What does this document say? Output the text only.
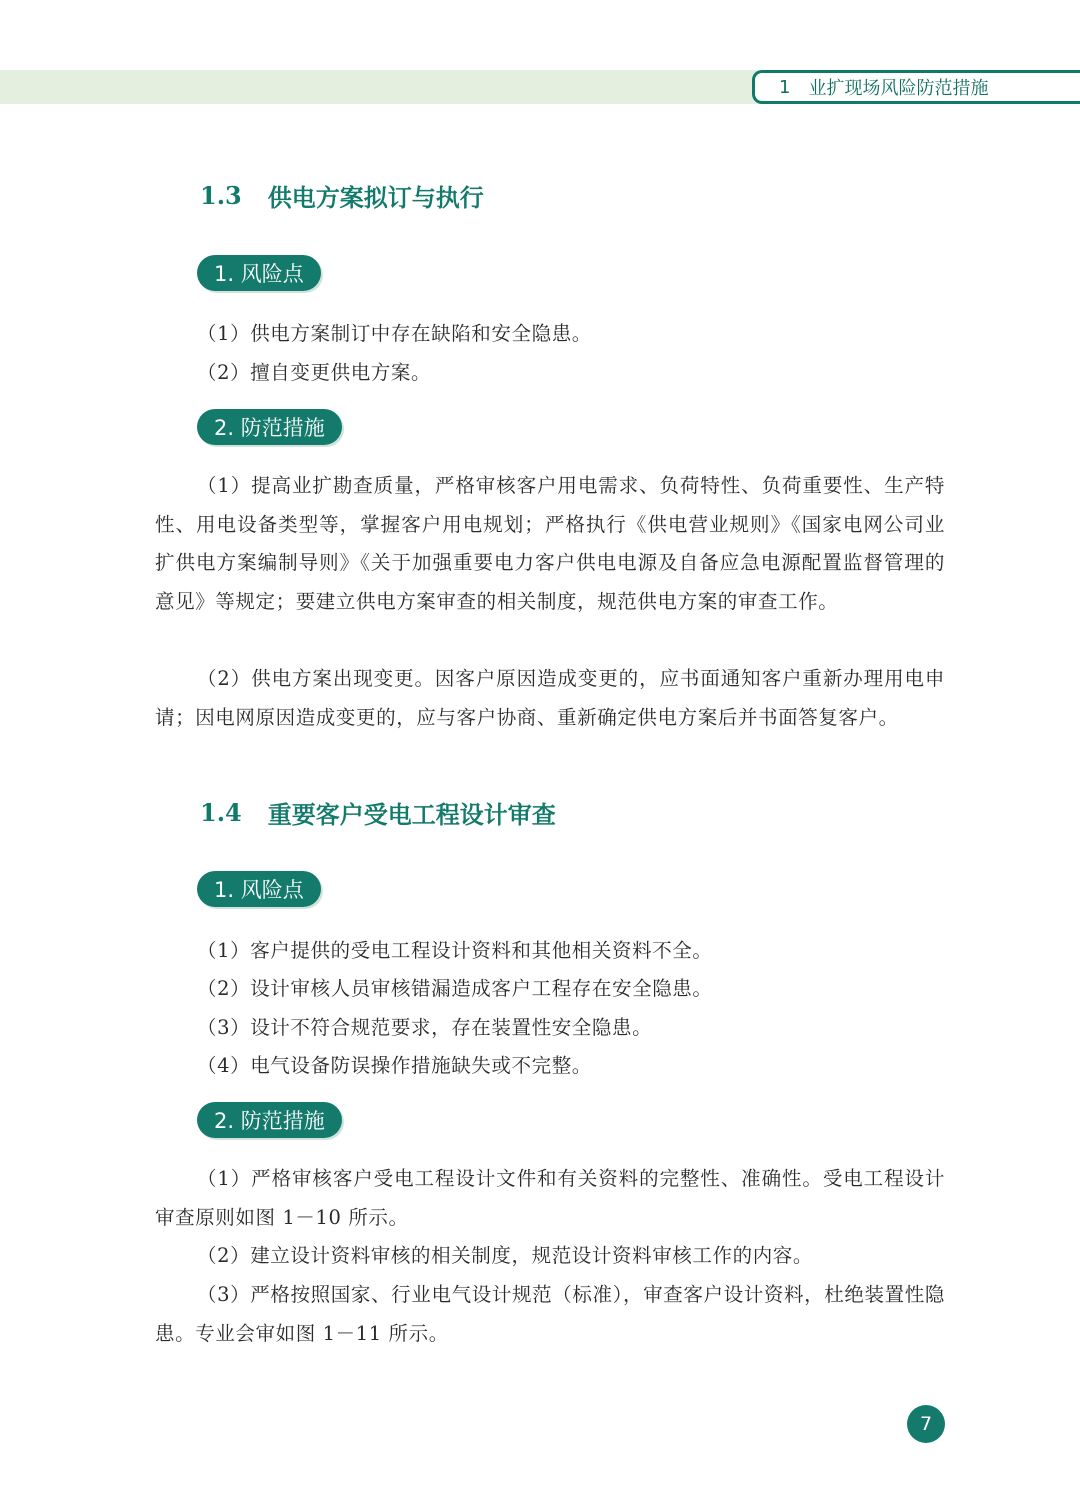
1 业扩现场风险防范措施
1.3 供电方案拟订与执行
1. 风险点
（1）供电方案制订中存在缺陷和安全隐患。
（2）擅自变更供电方案。
2. 防范措施
（1）提高业扩勘查质量，严格审核客户用电需求、负荷特性、负荷重要性、生产特性、用电设备类型等，掌握客户用电规划；严格执行《供电营业规则》《国家电网公司业扩供电方案编制导则》《关于加强重要电力客户供电电源及自备应急电源配置监督管理的意见》等规定；要建立供电方案审查的相关制度，规范供电方案的审查工作。
（2）供电方案出现变更。因客户原因造成变更的，应书面通知客户重新办理用电申请；因电网原因造成变更的，应与客户协商、重新确定供电方案后并书面答复客户。
1.4 重要客户受电工程设计审查
1. 风险点
（1）客户提供的受电工程设计资料和其他相关资料不全。
（2）设计审核人员审核错漏造成客户工程存在安全隐患。
（3）设计不符合规范要求，存在装置性安全隐患。
（4）电气设备防误操作措施缺失或不完整。
2. 防范措施
（1）严格审核客户受电工程设计文件和有关资料的完整性、准确性。受电工程设计审查原则如图 1－10 所示。
（2）建立设计资料审核的相关制度，规范设计资料审核工作的内容。
（3）严格按照国家、行业电气设计规范（标准），审查客户设计资料，杜绝装置性隐患。专业会审如图 1－11 所示。
7
